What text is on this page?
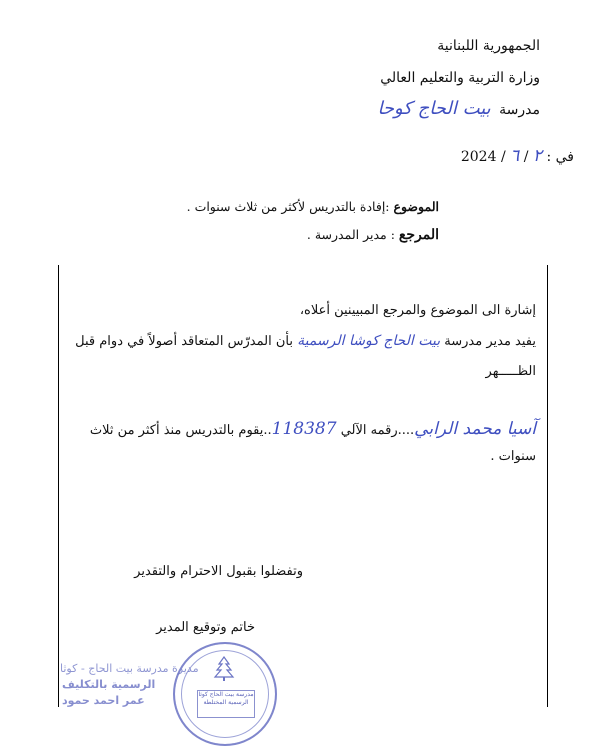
الجمهورية اللبنانية
وزارة التربية والتعليم العالي
مدرسة بيت الحاج كوحا
في : ٢ / ٦ / 2024
الموضوع :إفادة بالتدريس لأكثر من ثلاث سنوات .
المرجع : مدير المدرسة .
إشارة الى الموضوع والمرجع المبيينين أعلاه،
يفيد مدير مدرسة بيت الحاج كوشا الرسمية بأن المدرّس المتعاقد أصولاً في دوام قبل
الظـــــهر
آسيا محمد الرابي....رقمه الآلي 118387..يقوم بالتدريس منذ أكثر من ثلاث
سنوات .
وتفضلوا بقبول الاحترام والتقدير
خاتم وتوقيع المدير
مدرسة بيت الحاج كوثا الرسمية المختلطة
مديرة مدرسة بيت الحاج - كوثا
الرسمية بالتكليف
عمر احمد حمود
